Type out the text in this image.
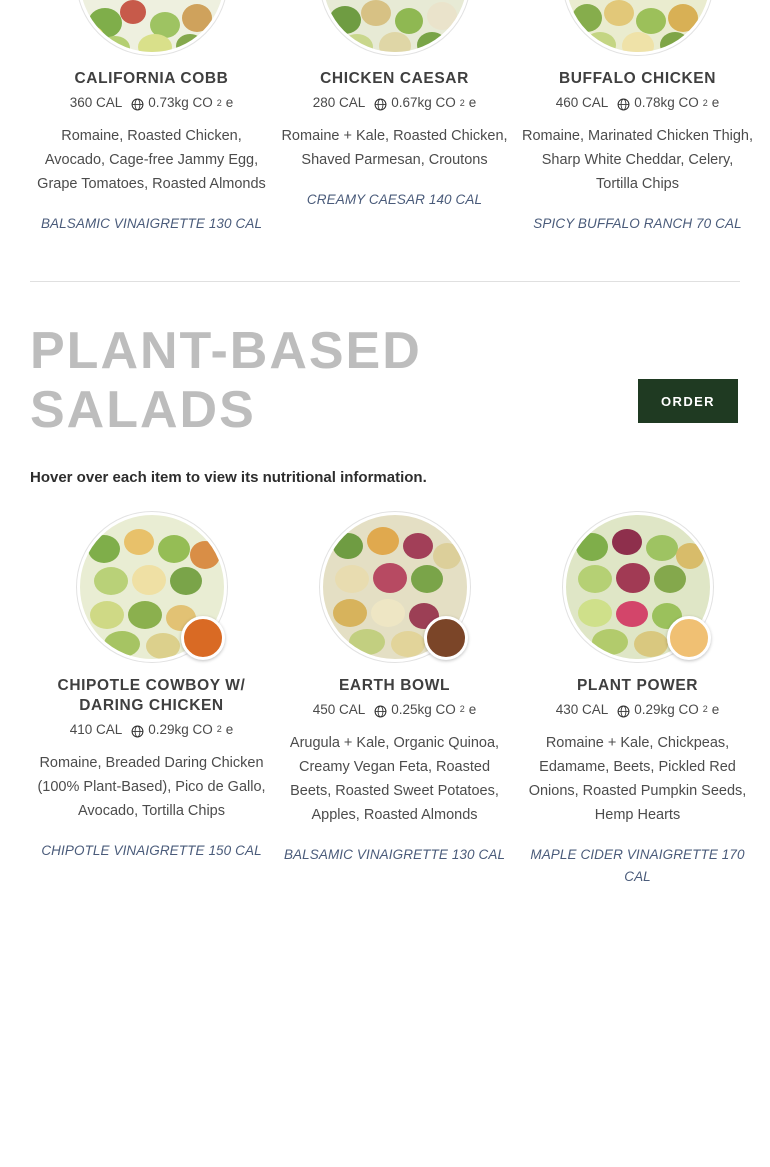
CALIFORNIA COBB
360 CAL 0.73kg CO 2 e
Romaine, Roasted Chicken, Avocado, Cage-free Jammy Egg, Grape Tomatoes, Roasted Almonds
BALSAMIC VINAIGRETTE 130 CAL
CHICKEN CAESAR
280 CAL 0.67kg CO 2 e
Romaine + Kale, Roasted Chicken, Shaved Parmesan, Croutons
CREAMY CAESAR 140 CAL
BUFFALO CHICKEN
460 CAL 0.78kg CO 2 e
Romaine, Marinated Chicken Thigh, Sharp White Cheddar, Celery, Tortilla Chips
SPICY BUFFALO RANCH 70 CAL
PLANT-BASED
SALADS	ORDER
Hover over each item to view its nutritional information.
CHIPOTLE COWBOY W/ DARING CHICKEN
410 CAL 0.29kg CO 2 e
Romaine, Breaded Daring Chicken (100% Plant-Based), Pico de Gallo, Avocado, Tortilla Chips
CHIPOTLE VINAIGRETTE 150 CAL
EARTH BOWL
450 CAL 0.25kg CO 2 e
Arugula + Kale, Organic Quinoa, Creamy Vegan Feta, Roasted Beets, Roasted Sweet Potatoes, Apples, Roasted Almonds
BALSAMIC VINAIGRETTE 130 CAL
PLANT POWER
430 CAL 0.29kg CO 2 e
Romaine + Kale, Chickpeas, Edamame, Beets, Pickled Red Onions, Roasted Pumpkin Seeds, Hemp Hearts
MAPLE CIDER VINAIGRETTE 170 CAL
